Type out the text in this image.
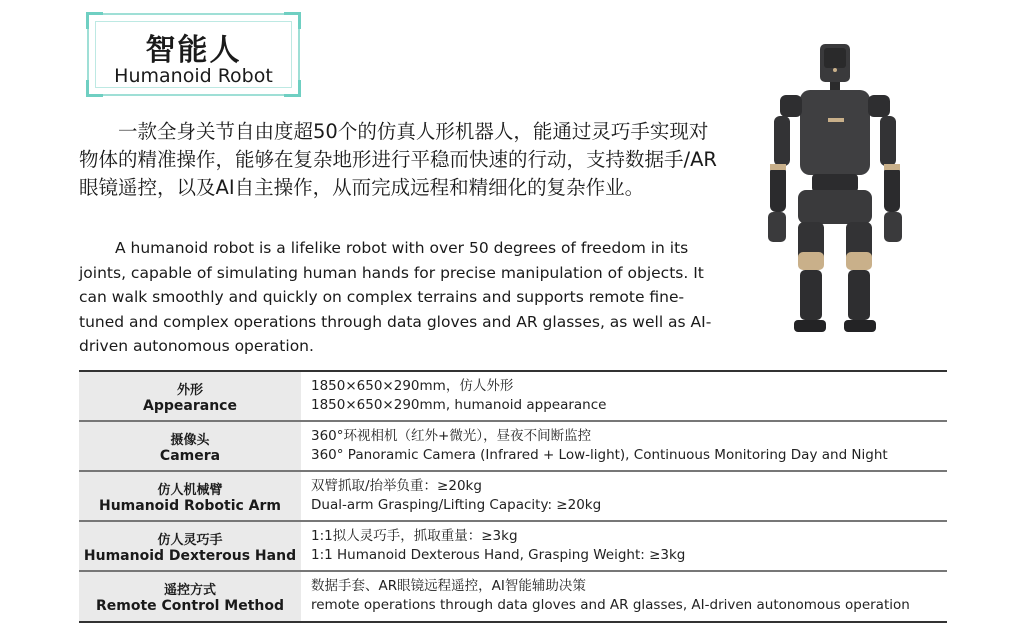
智能人
Humanoid Robot

一款全身关节自由度超50个的仿真人形机器人，能通过灵巧手实现对物体的精准操作，能够在复杂地形进行平稳而快速的行动，支持数据手/AR眼镜遥控，以及AI自主操作，从而完成远程和精细化的复杂作业。

A humanoid robot is a lifelike robot with over 50 degrees of freedom in its joints, capable of simulating human hands for precise manipulation of objects. It can walk smoothly and quickly on complex terrains and supports remote fine-tuned and complex operations through data gloves and AR glasses, as well as AI-driven autonomous operation.

外形
Appearance
1850×650×290mm，仿人外形
1850×650×290mm, humanoid appearance
摄像头
Camera
360°环视相机（红外+微光），昼夜不间断监控
360° Panoramic Camera (Infrared + Low-light), Continuous Monitoring Day and Night
仿人机械臂
Humanoid Robotic Arm
双臂抓取/抬举负重：≥20kg
Dual-arm Grasping/Lifting Capacity: ≥20kg
仿人灵巧手
Humanoid Dexterous Hand
1:1拟人灵巧手，抓取重量：≥3kg
1:1 Humanoid Dexterous Hand, Grasping Weight: ≥3kg
遥控方式
Remote Control Method
数据手套、AR眼镜远程遥控，AI智能辅助决策
remote operations through data gloves and AR glasses, AI-driven autonomous operation
